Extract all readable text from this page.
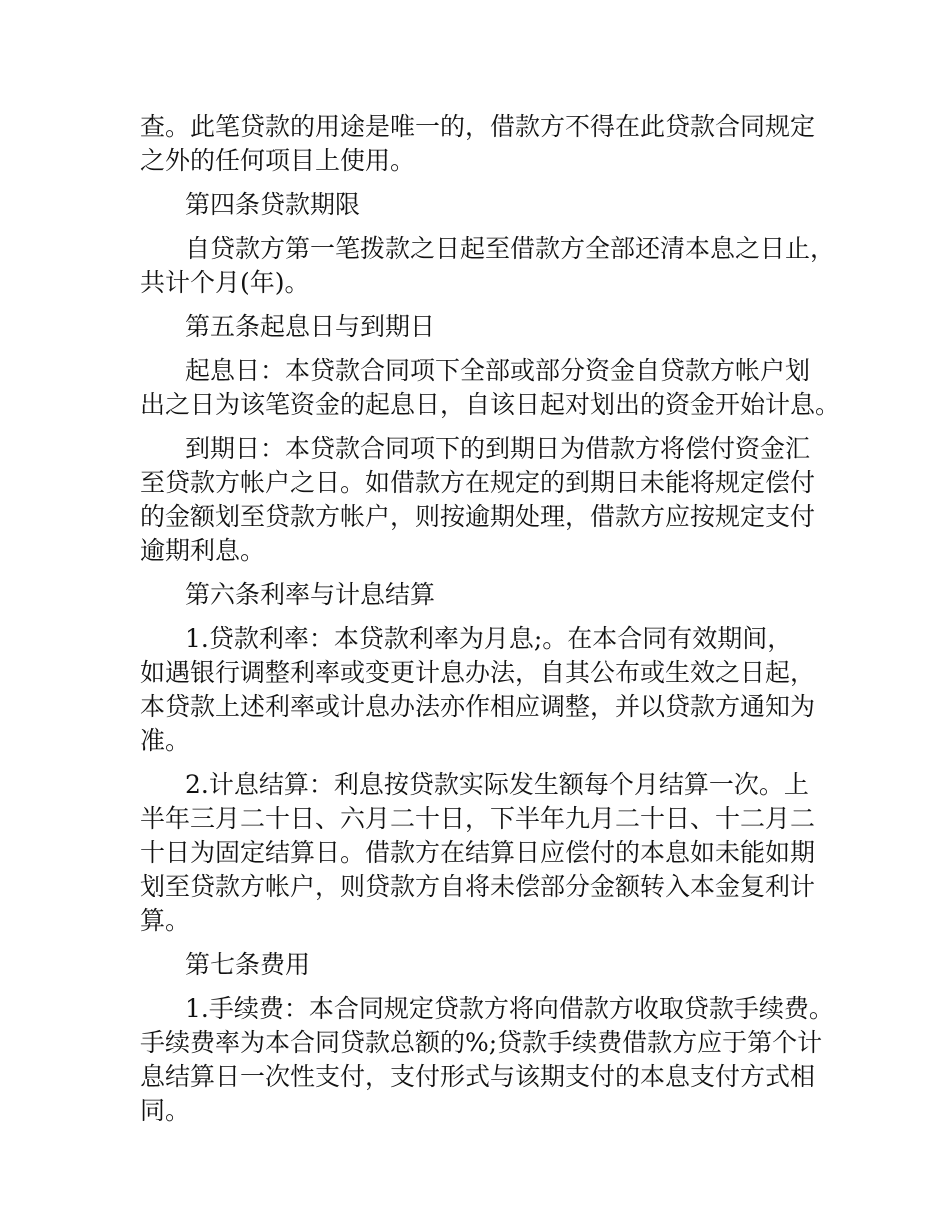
查。此笔贷款的用途是唯一的，借款方不得在此贷款合同规定
之外的任何项目上使用。

第四条贷款期限

自贷款方第一笔拨款之日起至借款方全部还清本息之日止，
共计个月(年)。

第五条起息日与到期日

起息日：本贷款合同项下全部或部分资金自贷款方帐户划
出之日为该笔资金的起息日，自该日起对划出的资金开始计息。

到期日：本贷款合同项下的到期日为借款方将偿付资金汇
至贷款方帐户之日。如借款方在规定的到期日未能将规定偿付
的金额划至贷款方帐户，则按逾期处理，借款方应按规定支付
逾期利息。

第六条利率与计息结算

1.贷款利率：本贷款利率为月息;。在本合同有效期间，
如遇银行调整利率或变更计息办法，自其公布或生效之日起，
本贷款上述利率或计息办法亦作相应调整，并以贷款方通知为
准。

2.计息结算：利息按贷款实际发生额每个月结算一次。上
半年三月二十日、六月二十日，下半年九月二十日、十二月二
十日为固定结算日。借款方在结算日应偿付的本息如未能如期
划至贷款方帐户，则贷款方自将未偿部分金额转入本金复利计
算。

第七条费用

1.手续费：本合同规定贷款方将向借款方收取贷款手续费。
手续费率为本合同贷款总额的%;贷款手续费借款方应于第个计
息结算日一次性支付，支付形式与该期支付的本息支付方式相
同。
